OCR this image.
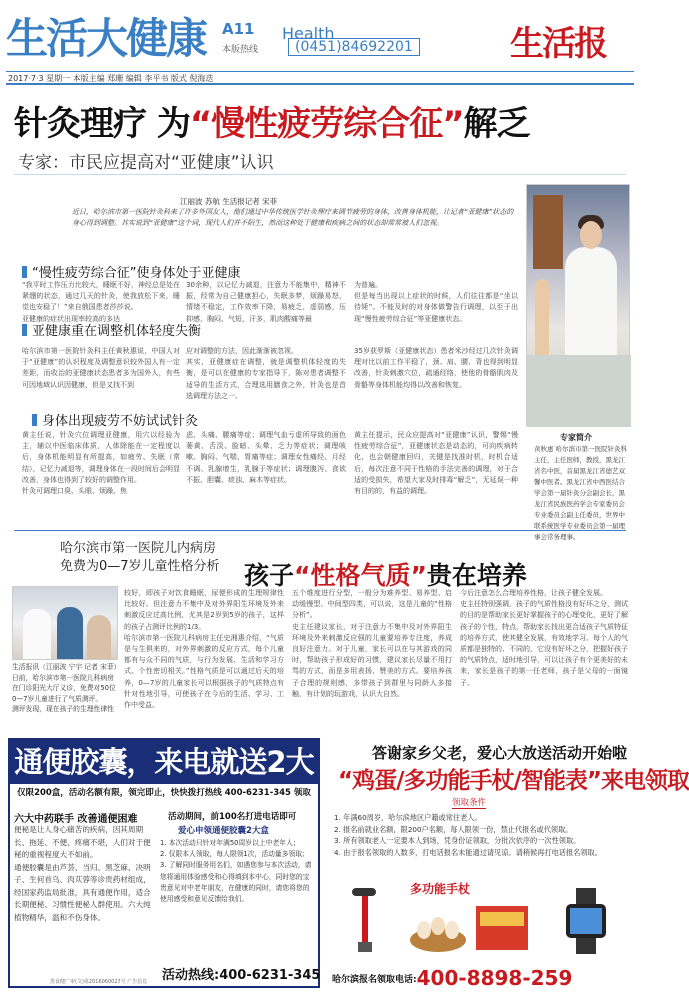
生活大健康 A11 Health
本版热线	(0451)84692201	生活报
2017·7·3 星期一 本版主编 郑珊 编辑 李平书 版式 倪海迭
针灸理疗 为“慢性疲劳综合征”解乏
专家：市民应提高对“亚健康”认识
江丽波 苏航 生活报记者 宋菲
近日，哈尔滨市第一医院针灸科来了许多外国友人，他们通过中华传统医学针灸理疗来调节疲劳的身体，改善身体机能，让记者“亚健康”状态的身心得到调整。其实说到“亚健康”这个词，现代人们并不陌生，然而这种处于健康和疾病之间的状态却常常被人们忽视。
专家简介
黄秋惠 哈尔滨市第一医院针灸科主任，主任医师，教授，黑龙江省名中医，首届黑龙江省德艺双馨中医者。黑龙江省中西医结合学会第一届针灸分会副会长，黑龙江省民族医药学会专家委员会专业委员会副主任委员，世界中联系统医学专业委员会第一届理事会常务理事。
“慢性疲劳综合征”使身体处于亚健康
“我平时工作压力比较大，睡眠不好，神经总是处在紧绷的状态，通过几天的针灸，使我放松下来，睡觉也安稳了！”来自俄国患者莎莎说。
亚健康的症状出现率较高的多达
30余种，以记忆力减退，注意力不能集中，精神不振，经常为自己健康担心，失眠多梦，烦躁易怒，情绪不稳定，工作效率下降，易疲乏，虚弱感，压抑感，胸闷、气短，汗多，肌肉酸痛等最
为普遍。
但是每当出现以上症状的时候，人们往往都是“坐以待毙”。不能及时的对身体做警告行调理，以至于出现“慢性疲劳综合征”等亚健康状态。
亚健康重在调整机体轻度失衡
哈尔滨市第一医院针灸科主任黄秋惠说，中国人对于“亚健康”的认识程度及调整意识较外国人有一定差距，而收治的亚健康状态患者多为国外人，有些可因地域认识因健康，但是又找不到
应对调整的方法，因此渐渐被忽视。
其实，亚健康症在调整，就是调整机体轻度的失衡，是可以在健康的专家指导下，陈对患者调整不适导的生活方式，合理选用膳食之外，针灸也是首选调理方法之一。
35岁获罗斯（亚健康状态）患者米沙经过几次针灸调理对比以前工作平稳了，颈、肩、腰、背也得到明显改善，针灸刺激穴位，疏通经络，使他的骨骼肌肉及骨骼等身体机能均得以改善和恢复。
身体出现疲劳不妨试试针灸
黄主任说，针灸穴位调理亚健康，用穴以经验为主，辅以中医临床体质，人体除能在一定程度以后，身体机能明显有所提高，如疲劳、失眠（常结）、记忆力减退等，调理身体在一段时间后会明显改善，身体也得到了较好的调整作用。
针灸可调理口臭、头眼、烦躁、焦
虑、头痛、腰痛等症；调理气血亏虚所导致的面色萎黄、舌淡、脸暗、头晕、乏力等症状；调理咳嗽、胸闷、气喘、胃痛等症；调理女性痛经、月经不调、乳腺增生，乳腺于等症状；调理腹泻、食欲不振、胆囊、痰浊、麻木等症状。
黄主任提示，民众应提高对“亚健康”认识，警惕“慢性疲劳综合征”，亚健康状态是动态的，可向疾病转化，也会朝健康回归，关键是找准时机，时机合适后，每次注意不同于性格的手法完善的调理，对于合适的受损失，希望大家及时排毒“解乏”，无延误一种有目的的，有益的调理。
哈尔滨市第一医院儿内病房
免费为0—7岁儿童性格分析 孩子“性格气质”贵在培养
生活报讯（江丽波 宁宇 记者 宋菲）日前，哈尔滨市第一医院儿科病房在门诊阳光大厅义诊，免费对50位0—7岁儿童进行了气质测评。
测评发现，现在孩子的生理性律性
较好，即孩子对饮食睡眠，尿便形成的生理规律性比较好。但注意力不集中及对外界阳生环境及外来刺激反应过高比例，尤其是2岁到5岁的孩子，这样的孩子占测评比例的1/3。
哈尔滨市第一医院儿科病房主任史湘惠介绍，“气质是与生俱来的，对外界刺激的反应方式，每个儿童都有与众不同的气质，与行为发展、生活和学习方式、个性密切相关。”性格气质是可以通过后天的培养，0—7岁的儿童家长可以根据孩子的气质特点有针对性地引导，可使孩子在今后的生活、学习、工作中受益。
五个维度进行分型，一般分为难养型、易养型、启动缓慢型、中间型四类，可以说，这是儿童的“性格分析”。
史主任建议家长，对于注意力不集中及对外界阳生环境及外来刺激反应强的儿童要培养专注度，养成良好注意力。对于儿童，家长可以在与其游戏的同时，帮助孩子形成好的习惯，建议家长尽量不用打骂的方式，而是多用表扬、赞美的方式。要培养孩子合理的规则感，多带孩子到群里与同龄人多接触，有计划的玩游戏，认识大自然。
今后注意怎么合理培养性格，让孩子健全发展。
史主任特别强调，孩子的气质性格没有好坏之分，测试的目的是帮助家长更好掌握孩子的心理变化，更好了解孩子的个性，特点，帮助家长找出更合适孩子气质特征的培养方式，使其健全发展，有效地学习。每个人的气质都是独特的、不同的，它没有好坏之分，把握好孩子的气质特点，适时地引导，可以让孩子有个更美好的未来，家长是孩子的第一任老师，孩子是父母的一面镜子。
通便胶囊，来电就送2大盒
仅限200盒，活动名额有限，领完即止，快快拨打热线 400-6231-345 领取
六大中药联手 改善通便困难
便秘是让人身心痛苦的疾病，因其周期长、拖延、不便、疼痛不堪，人们对于便秘的重视程度大不如前。
通便胶囊是由芦荟、当归、黑芝麻、决明子、生何首乌、肉苁蓉等诊贵药材组成，经国家药监局批准，具有通便作用，适合长期便秘、习惯性便秘人群使用。六大纯植物精华，温和不伤身体。
活动期间，前100名打进电话即可
爱心申领通便胶囊2大盒
1. 本次活动只针对年满50周岁以上中老年人；
2. 仅限本人领取，每人限领1次，活动量多领取；
3. 了解同时服务用名们，如遇您参与本次活动，请您将通用体验感受和心得填到本中心，同时您的宝贵意见对中老年朋友，在健康的同时，请您将您的使用感受和意见反馈给我们。
活动热线:400-6231-345
黑食健广审(文)第2016060027号 广告信息
答谢家乡父老，爱心大放送活动开始啦
“鸡蛋/多功能手杖/智能表”来电领取
领取条件
1. 年满60周岁，哈尔滨地区户籍或常住老人。
2. 报名前就业名额，限200户名额，每人限领一份，禁止代报名或代领取。
3. 所有领取老人一定要本人到场，凭身份证领取，分批次依序的一次性领取。
4. 由于报名领取的人数多，打电话报名未能通过请见谅。请稍候再打电话报名领取。
多功能手杖
哈尔滨报名领取电话:400-8898-259
